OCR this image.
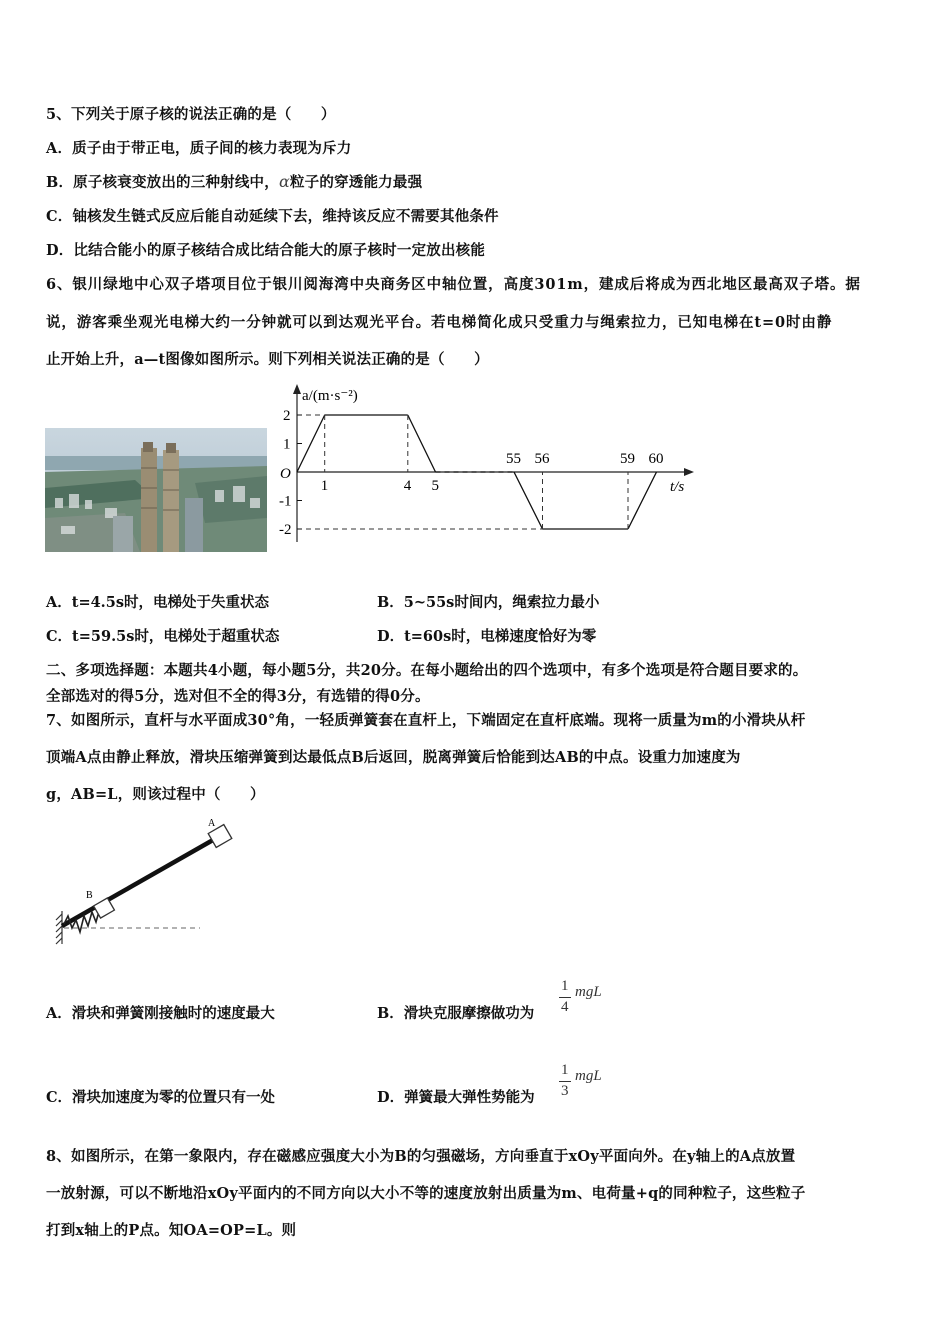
5、下列关于原子核的说法正确的是（　　）
A．质子由于带正电，质子间的核力表现为斥力
B．原子核衰变放出的三种射线中，α粒子的穿透能力最强
C．铀核发生链式反应后能自动延续下去，维持该反应不需要其他条件
D．比结合能小的原子核结合成比结合能大的原子核时一定放出核能
6、银川绿地中心双子塔项目位于银川阅海湾中央商务区中轴位置，高度301m，建成后将成为西北地区最高双子塔。据
说，游客乘坐观光电梯大约一分钟就可以到达观光平台。若电梯简化成只受重力与绳索拉力，已知电梯在t=0时由静
止开始上升，a—t图像如图所示。则下列相关说法正确的是（　　）
a/(m·s⁻²)
t/s
O
2
1
-1
-2
1	4 5
55 56	59 60
A．t=4.5s时，电梯处于失重状态	B．5~55s时间内，绳索拉力最小
C．t=59.5s时，电梯处于超重状态	D．t=60s时，电梯速度恰好为零
二、多项选择题：本题共4小题，每小题5分，共20分。在每小题给出的四个选项中，有多个选项是符合题目要求的。
全部选对的得5分，选对但不全的得3分，有选错的得0分。
7、如图所示，直杆与水平面成30°角，一轻质弹簧套在直杆上，下端固定在直杆底端。现将一质量为m的小滑块从杆
顶端A点由静止释放，滑块压缩弹簧到达最低点B后返回，脱离弹簧后恰能到达AB的中点。设重力加速度为
g，AB=L，则该过程中（　　）
A
B
A．滑块和弹簧刚接触时的速度最大	B．滑块克服摩擦做功为
1
4
mgL
C．滑块加速度为零的位置只有一处	D．弹簧最大弹性势能为
1
3
mgL
8、如图所示，在第一象限内，存在磁感应强度大小为B的匀强磁场，方向垂直于xOy平面向外。在y轴上的A点放置
一放射源，可以不断地沿xOy平面内的不同方向以大小不等的速度放射出质量为m、电荷量+q的同种粒子，这些粒子
打到x轴上的P点。知OA=OP=L。则
